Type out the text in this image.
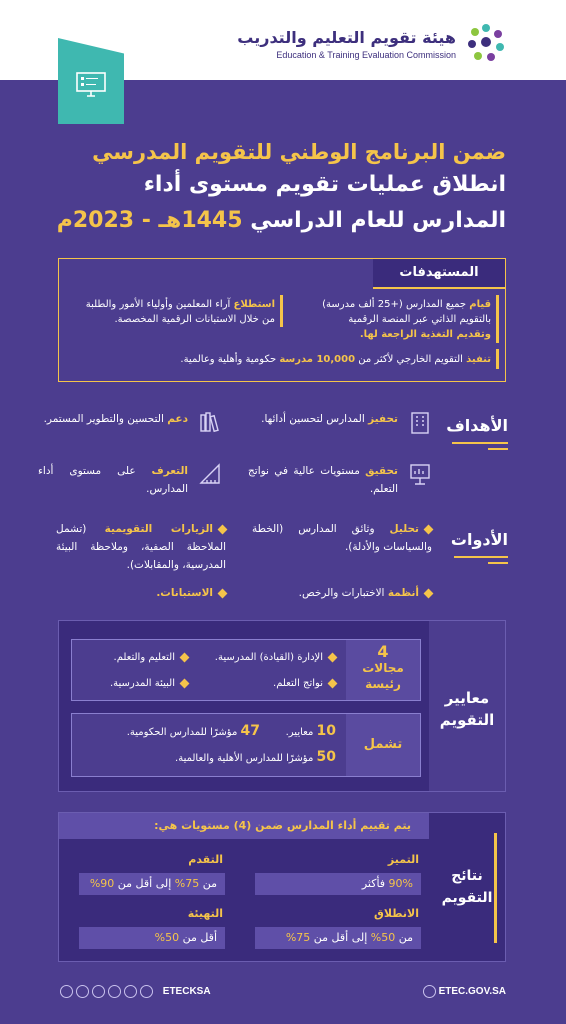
هيئة تقويم التعليم والتدريب
Education & Training Evaluation Commission
ضمن البرنامج الوطني للتقويم المدرسي
انطلاق عمليات تقويم مستوى أداء
المدارس للعام الدراسي 1445هـ - 2023م
المستهدفات
قيام جميع المدارس (+25 ألف مدرسة)
بالتقويم الذاتي عبر المنصة الرقمية
وتقديم التغذية الراجعة لها.
استطلاع آراء المعلمين وأولياء الأمور والطلبة
من خلال الاستبانات الرقمية المخصصة.
تنفيذ التقويم الخارجي لأكثر من 10,000 مدرسة حكومية وأهلية وعالمية.
الأهداف
تحفيز المدارس لتحسين أدائها.
دعم التحسين والتطوير المستمر.
تحقيق مستويات عالية في نواتج التعلم.
التعرف على مستوى أداء المدارس.
الأدوات
تحليل وثائق المدارس (الخطة والسياسات والأدلة).
الزيارات التقويمية (تشمل الملاحظة الصفية، وملاحظة البيئة المدرسية، والمقابلات).
أنظمة الاختبارات والرخص.
الاستبانات.
معايير
التقويم
4
مجالات
رئيسة
الإدارة (القيادة) المدرسية.
التعليم والتعلم.
نواتج التعلم.
البيئة المدرسية.
تشمل
10 معايير.
47 مؤشرًا للمدارس الحكومية.
50 مؤشرًا للمدارس الأهلية والعالمية.
نتائج
التقويم
يتم تقييم أداء المدارس ضمن (4) مستويات هي:
التميز
90% فأكثر
التقدم
من 75% إلى أقل من 90%
الانطلاق
من 50% إلى أقل من 75%
التهيئة
أقل من 50%
ETEC.GOV.SA
ETECKSA
